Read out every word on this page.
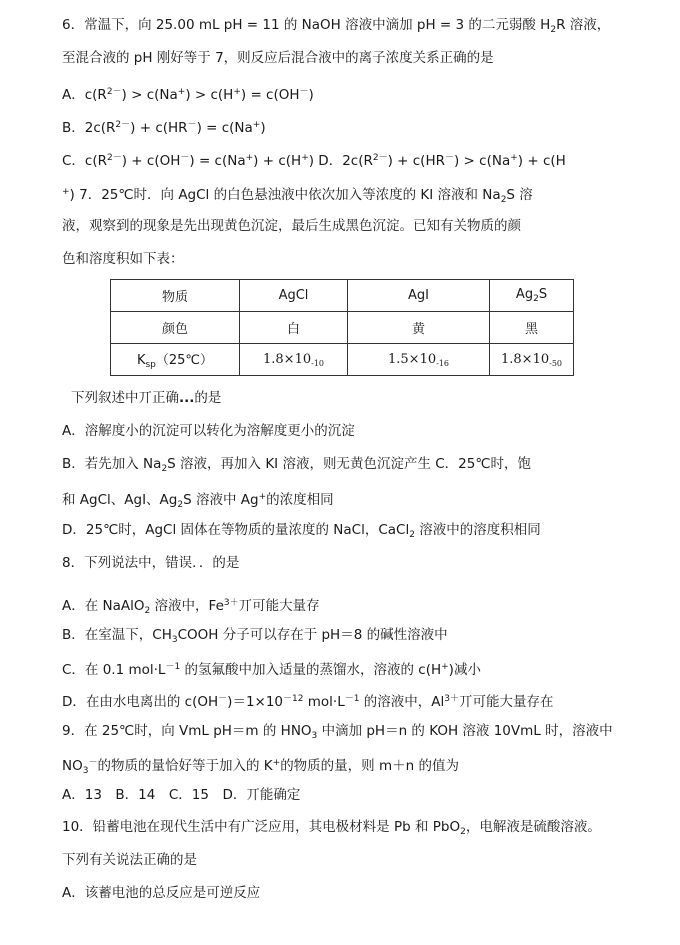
6．常温下，向 25.00 mL pH = 11 的 NaOH 溶液中滴加 pH = 3 的二元弱酸 $H_2R$ 溶液，
至混合液的 pH 刚好等于 7，则反应后混合液中的离子浓度关系正确的是
A．$c(R^{2-}) > c(Na^+) > c(H^+) = c(OH^-)$
B．$2c(R^{2-}) + c(HR^-) = c(Na^+)$
C．$c(R^{2-}) + c(OH^-) = c(Na^+) + c(H^+)$ D．$2c(R^{2-}) + c(HR^-) > c(Na^+) + c(H$
+) 7．25℃时．向 AgCl 的白色悬浊液中依次加入等浓度的 KI 溶液和 $Na_2S$ 溶
液，观察到的现象是先出现黄色沉淀，最后生成黑色沉淀。已知有关物质的颜
色和溶度积如下表：
物质	AgCl	AgI	$Ag_2S$
颜色	白	黄	黑
$K_{sp}(25℃)$	$1.8\times 10_{-10}$	$1.5\times 10_{-16}$	$1.8\times 10_{-50}$
下列叙述中丌正确...的是
A．溶解度小的沉淀可以转化为溶解度更小的沉淀
B．若先加入 $Na_2S$ 溶液，再加入 KI 溶液，则无黄色沉淀产生 C．25℃时，饱
和 AgCl、AgI、$Ag_2S$ 溶液中 Ag+的浓度相同
D．25℃时，AgCl 固体在等物质的量浓度的 NaCl，CaCl$_2$ 溶液中的溶度积相同
8．下列说法中，错误．．的是
A．在 NaAlO$_2$ 溶液中，$Fe^{3+}$丌可能大量存
B．在室温下，$CH_3COOH$ 分子可以存在于 pH＝8 的碱性溶液中
C．在 0.1 $mol\cdot L^{-1}$ 的氢氟酸中加入适量的蒸馏水，溶液的 c(H+)减小
D．在由水电离出的 $c(OH^-)=1\times 10^{-12}$ $mol\cdot L^{-1}$ 的溶液中，$Al^{3+}$丌可能大量存在
9．在 25℃时，向 VmL pH＝m 的 $HNO_3$ 中滴加 pH＝n 的 KOH 溶液 10VmL 时，溶液中
$NO_3^-$的物质的量恰好等于加入的 K+的物质的量，则 m＋n 的值为
A．13　B．14　C．15　D．丌能确定
10．铅蓄电池在现代生活中有广泛应用，其电极材料是 Pb 和 PbO$_2$，电解液是硫酸溶液。
下列有关说法正确的是
A．该蓄电池的总反应是可逆反应
